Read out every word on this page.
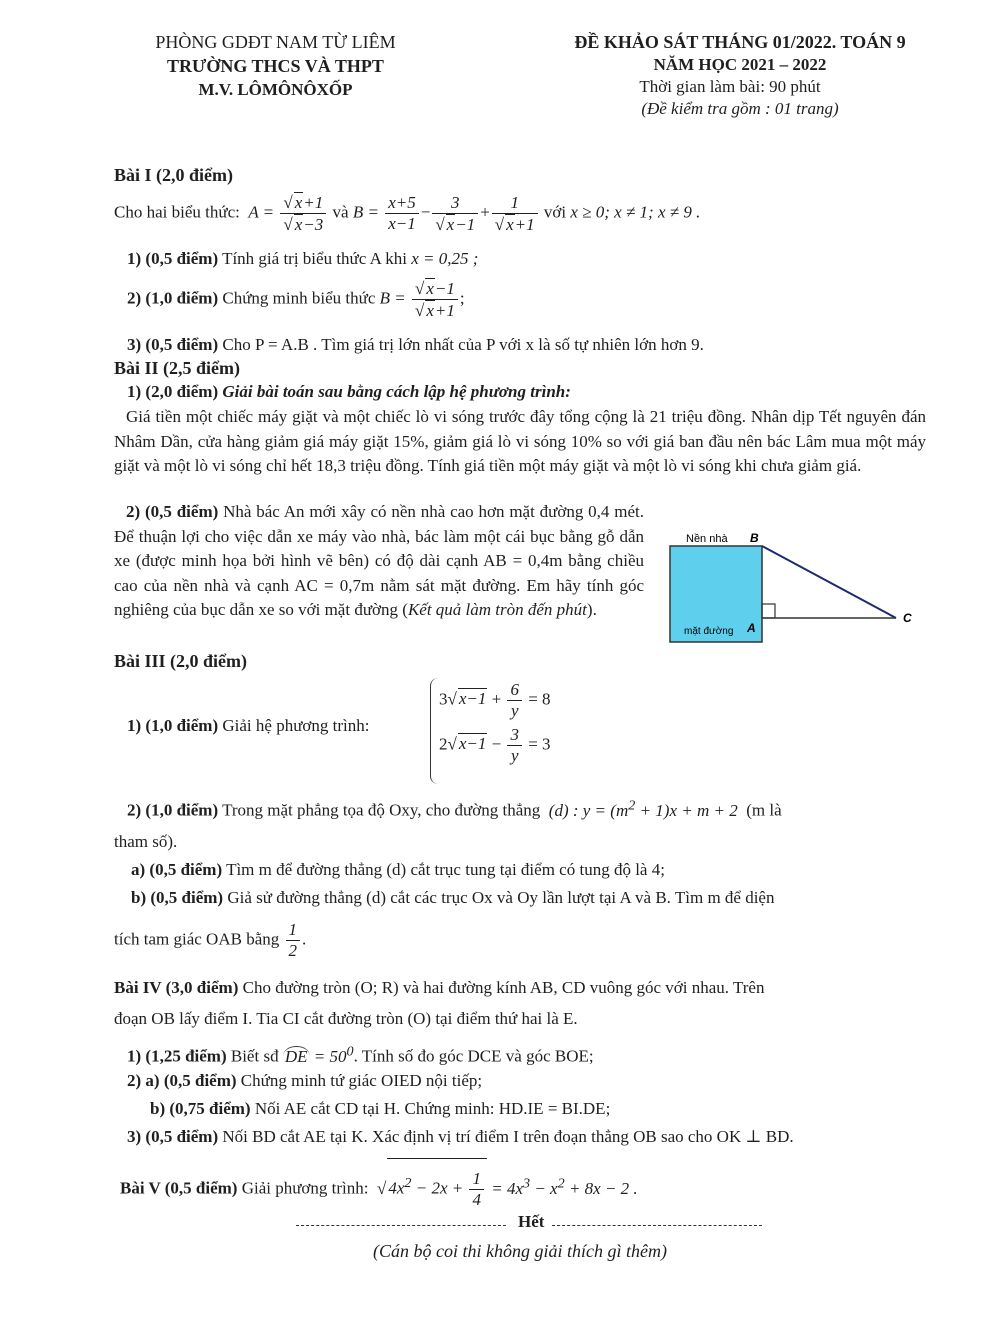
PHÒNG GDĐT NAM TỪ LIÊM
TRƯỜNG THCS VÀ THPT
M.V. LÔMÔNÔXỐP
ĐỀ KHẢO SÁT THÁNG 01/2022. TOÁN 9
NĂM HỌC 2021 – 2022
Thời gian làm bài: 90 phút
(Đề kiểm tra gồm : 01 trang)
Bài I (2,0 điểm)
Cho hai biểu thức:  $A = \frac{√ x+1}{√ x-3}$ và $B = \frac{x+5}{x-1} - \frac{3}{√ x-1} + \frac{1}{√ x+1}$ với x ≥ 0; x ≠ 1; x ≠ 9 .
1) (0,5 điểm) Tính giá trị biểu thức A khi x = 0,25 ;
2) (1,0 điểm) Chứng minh biểu thức $B = \frac{√ x-1}{√ x+1}$ ;
3) (0,5 điểm) Cho P = A.B . Tìm giá trị lớn nhất của P với x là số tự nhiên lớn hơn 9.
Bài II (2,5 điểm)
1) (2,0 điểm) Giải bài toán sau bằng cách lập hệ phương trình:
Giá tiền một chiếc máy giặt và một chiếc lò vi sóng trước đây tổng cộng là 21 triệu đồng. Nhân dịp Tết nguyên đán Nhâm Dần, cửa hàng giảm giá máy giặt 15%, giảm giá lò vi sóng 10% so với giá ban đầu nên bác Lâm mua một máy giặt và một lò vi sóng chỉ hết 18,3 triệu đồng. Tính giá tiền một máy giặt và một lò vi sóng khi chưa giảm giá.
2) (0,5 điểm) Nhà bác An mới xây có nền nhà cao hơn mặt đường 0,4 mét. Để thuận lợi cho việc dẫn xe máy vào nhà, bác làm một cái bục bằng gỗ dẫn xe (được minh họa bởi hình vẽ bên) có độ dài cạnh AB = 0,4m bằng chiều cao của nền nhà và cạnh AC = 0,7m nằm sát mặt đường. Em hãy tính góc nghiêng của bục dẫn xe so với mặt đường (Kết quả làm tròn đến phút).
Nền nhà B
C
mặt đường A
Bài III (2,0 điểm)
1) (1,0 điểm) Giải hệ phương trình:
3√ $x-1 + \frac{6}{y} = 8$
2√ $x-1 - \frac{3}{y} = 3$
2) (1,0 điểm) Trong mặt phẳng tọa độ Oxy, cho đường thẳng  (d) : $y = (m^2 + 1)x + m + 2$  (m là
tham số).
a) (0,5 điểm) Tìm m để đường thẳng (d) cắt trục tung tại điểm có tung độ là 4;
b) (0,5 điểm) Giả sử đường thẳng (d) cắt các trục Ox và Oy lần lượt tại A và B. Tìm m để diện
tích tam giác OAB bằng $\frac{1}{2}$ .
Bài IV (3,0 điểm) Cho đường tròn (O; R) và hai đường kính AB, CD vuông góc với nhau. Trên
đoạn OB lấy điểm I. Tia CI cắt đường tròn (O) tại điểm thứ hai là E.
1) (1,25 điểm) Biết sđ DE = $50^0$. Tính số đo góc DCE và góc BOE;
2) a) (0,5 điểm) Chứng minh tứ giác OIED nội tiếp;
b) (0,75 điểm) Nối AE cắt CD tại H. Chứng minh: HD.IE = BI.DE;
3) (0,5 điểm) Nối BD cắt AE tại K. Xác định vị trí điểm I trên đoạn thẳng OB sao cho OK ⊥ BD.
Bài V (0,5 điểm) Giải phương trình:  √ $4x^2 - 2x + \frac{1}{4} = 4x^3 - x^2 + 8x - 2$ .
Hết
(Cán bộ coi thi không giải thích gì thêm)
